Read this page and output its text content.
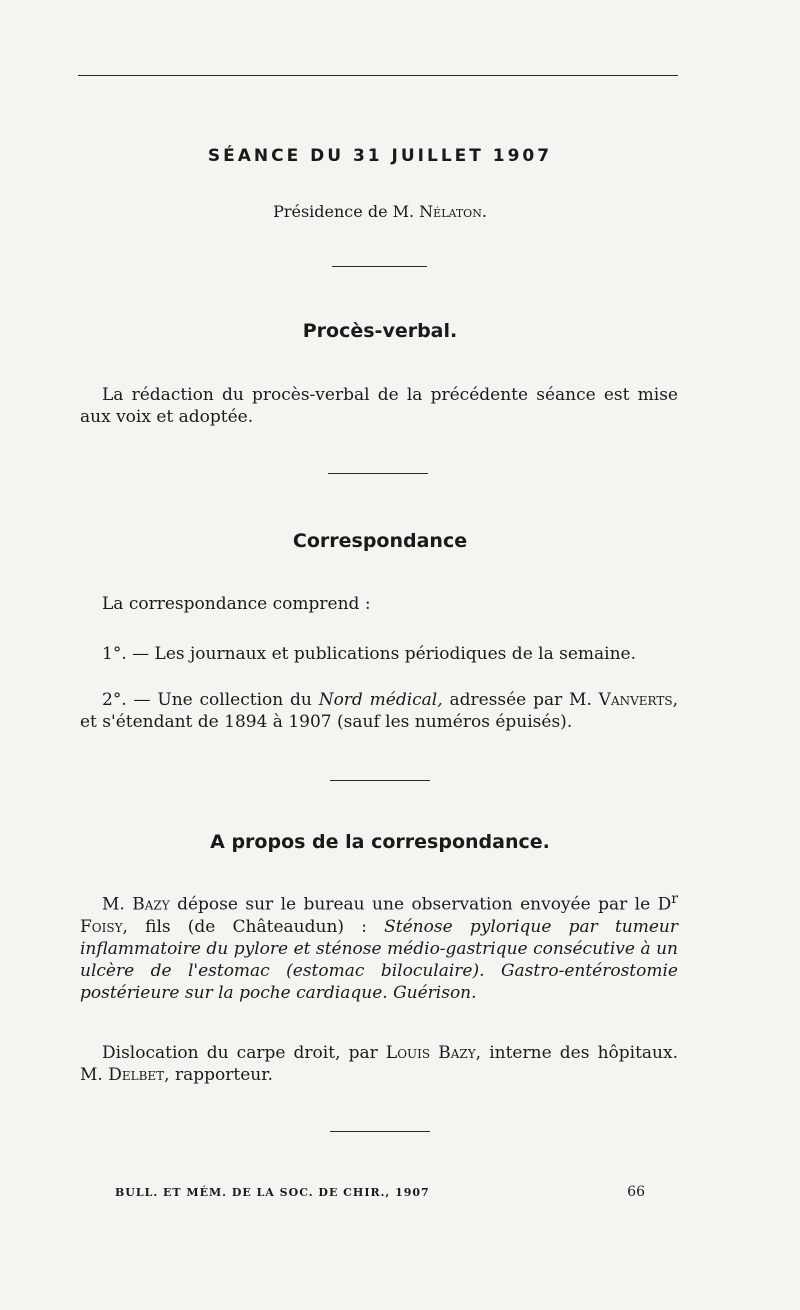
SÉANCE DU 31 JUILLET 1907
Présidence de M. Nélaton.
Procès-verbal.
La rédaction du procès-verbal de la précédente séance est mise aux voix et adoptée.
Correspondance
La correspondance comprend :
1°. — Les journaux et publications périodiques de la semaine.
2°. — Une collection du Nord médical, adressée par M. Vanverts, et s'étendant de 1894 à 1907 (sauf les numéros épuisés).
A propos de la correspondance.
M. Bazy dépose sur le bureau une observation envoyée par le $D^r$ Foisy, fils (de Châteaudun) : Sténose pylorique par tumeur inflammatoire du pylore et sténose médio-gastrique consécutive à un ulcère de l'estomac (estomac biloculaire). Gastro-entérostomie postérieure sur la poche cardiaque. Guérison.
Dislocation du carpe droit, par Louis Bazy, interne des hôpitaux. M. Delbet, rapporteur.
BULL. ET MÉM. DE LA SOC. DE CHIR., 1907	66
